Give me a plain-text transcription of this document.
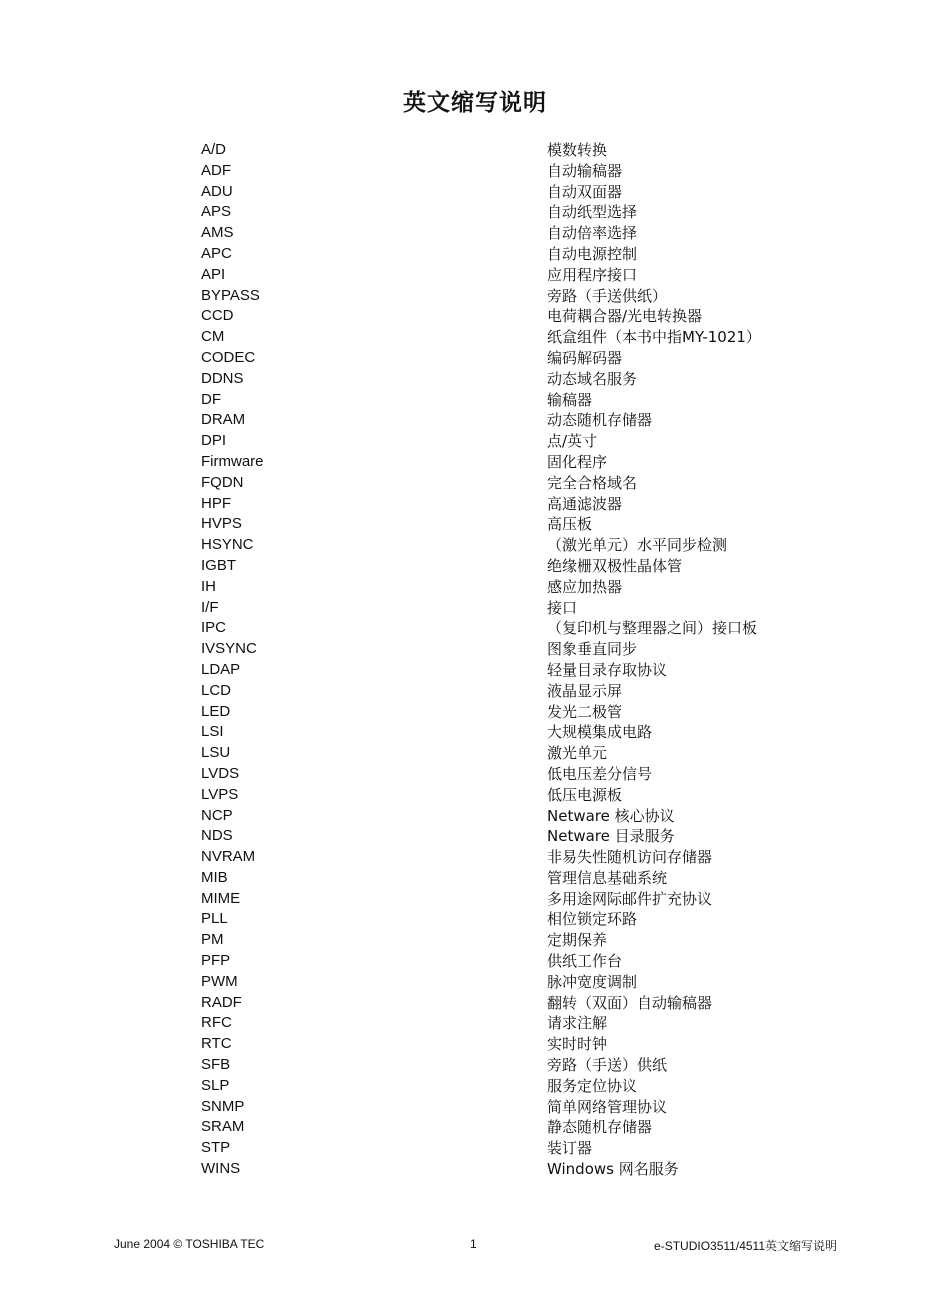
英文缩写说明
A/D	模数转换
ADF	自动输稿器
ADU	自动双面器
APS	自动纸型选择
AMS	自动倍率选择
APC	自动电源控制
API	应用程序接口
BYPASS	旁路（手送供纸）
CCD	电荷耦合器/光电转换器
CM	纸盒组件（本书中指MY-1021）
CODEC	编码解码器
DDNS	动态域名服务
DF	输稿器
DRAM	动态随机存储器
DPI	点/英寸
Firmware	固化程序
FQDN	完全合格域名
HPF	高通滤波器
HVPS	高压板
HSYNC	（激光单元）水平同步检测
IGBT	绝缘栅双极性晶体管
IH	感应加热器
I/F	接口
IPC	（复印机与整理器之间）接口板
IVSYNC	图象垂直同步
LDAP	轻量目录存取协议
LCD	液晶显示屏
LED	发光二极管
LSI	大规模集成电路
LSU	激光单元
LVDS	低电压差分信号
LVPS	低压电源板
NCP	Netware 核心协议
NDS	Netware 目录服务
NVRAM	非易失性随机访问存储器
MIB	管理信息基础系统
MIME	多用途网际邮件扩充协议
PLL	相位锁定环路
PM	定期保养
PFP	供纸工作台
PWM	脉冲宽度调制
RADF	翻转（双面）自动输稿器
RFC	请求注解
RTC	实时时钟
SFB	旁路（手送）供纸
SLP	服务定位协议
SNMP	简单网络管理协议
SRAM	静态随机存储器
STP	装订器
WINS	Windows 网名服务
June 2004 © TOSHIBA TEC	1	e-STUDIO3511/4511英文缩写说明
